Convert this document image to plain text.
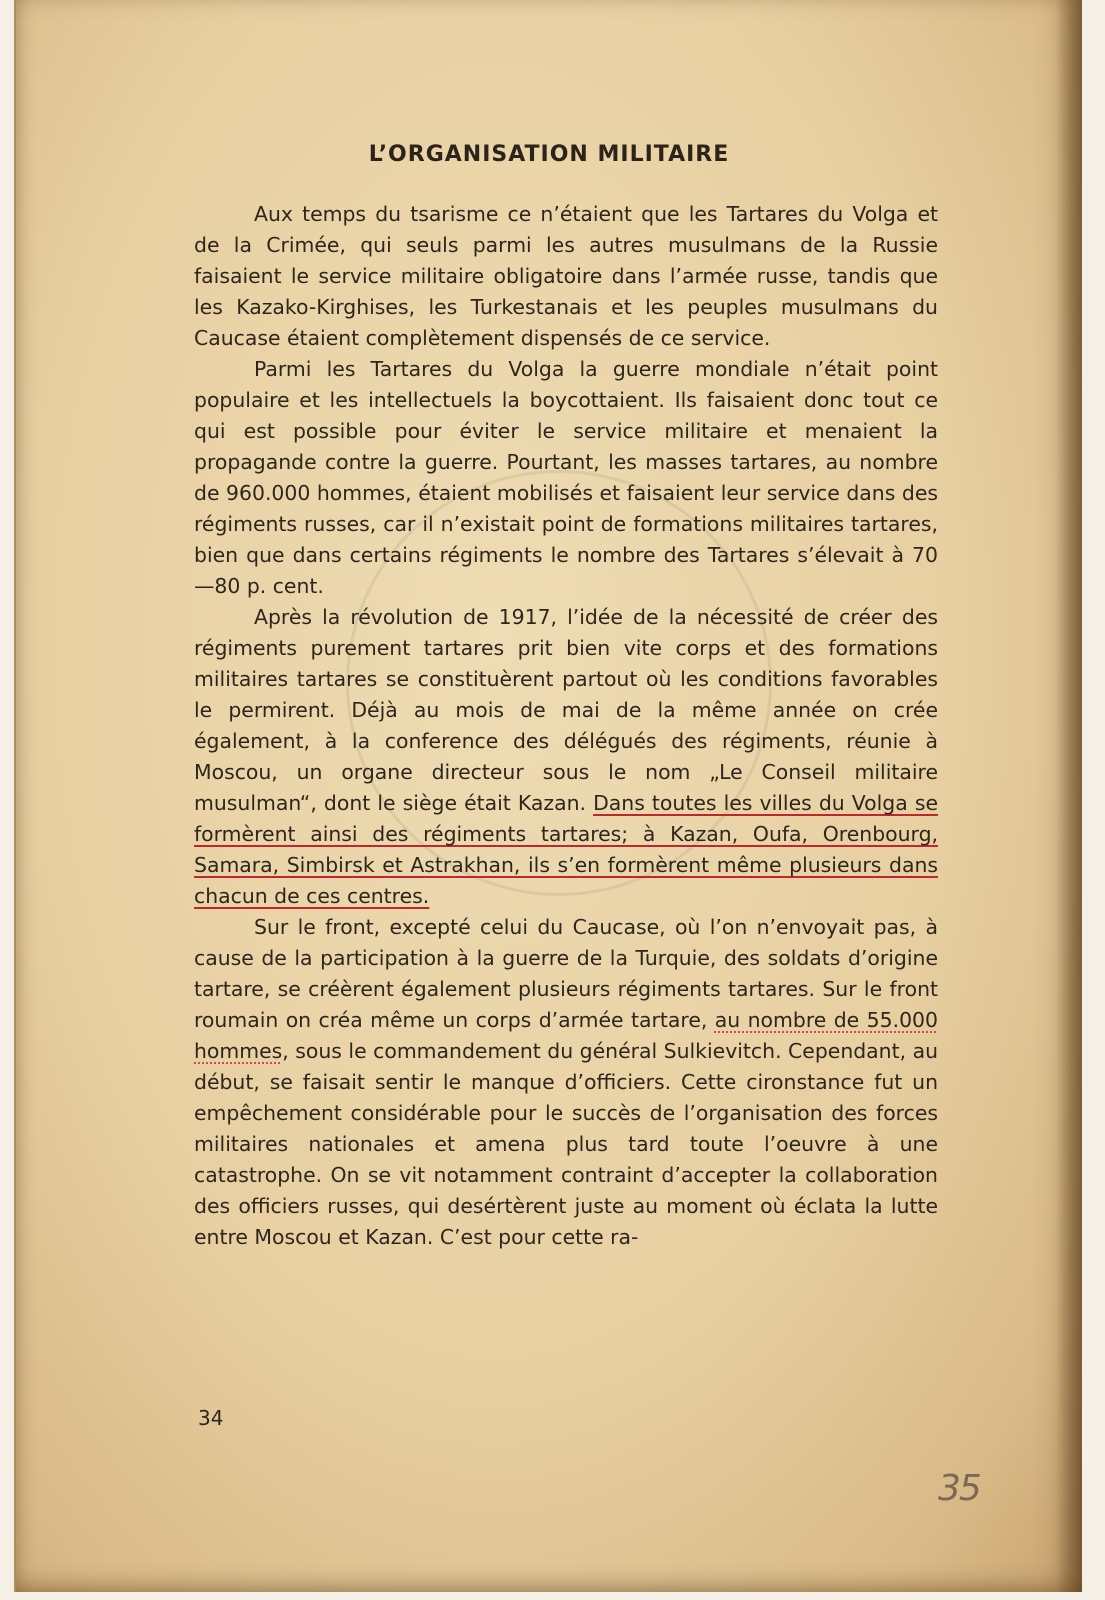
L’ORGANISATION MILITAIRE

Aux temps du tsarisme ce n’étaient que les Tartares du Volga et de la Crimée, qui seuls parmi les autres musulmans de la Russie faisaient le service militaire obligatoire dans l’armée russe, tandis que les Kazako-Kirghises, les Turkestanais et les peuples musulmans du Caucase étaient complètement dispensés de ce service.

Parmi les Tartares du Volga la guerre mondiale n’était point populaire et les intellectuels la boycottaient. Ils faisaient donc tout ce qui est possible pour éviter le service militaire et menaient la propagande contre la guerre. Pourtant, les masses tartares, au nombre de 960.000 hommes, étaient mobilisés et faisaient leur service dans des régiments russes, car il n’existait point de formations militaires tartares, bien que dans certains régiments le nombre des Tartares s’élevait à 70—80 p. cent.

Après la révolution de 1917, l’idée de la nécessité de créer des régiments purement tartares prit bien vite corps et des formations militaires tartares se constituèrent partout où les conditions favorables le permirent. Déjà au mois de mai de la même année on crée également, à la conference des délégués des régiments, réunie à Moscou, un organe directeur sous le nom „Le Conseil militaire musulman“, dont le siège était Kazan. Dans toutes les villes du Volga se formèrent ainsi des régiments tartares; à Kazan, Oufa, Orenbourg, Samara, Simbirsk et Astrakhan, ils s’en formèrent même plusieurs dans chacun de ces centres.

Sur le front, excepté celui du Caucase, où l’on n’envoyait pas, à cause de la participation à la guerre de la Turquie, des soldats d’origine tartare, se créèrent également plusieurs régiments tartares. Sur le front roumain on créa même un corps d’armée tartare, au nombre de 55.000 hommes, sous le commandement du général Sulkievitch. Cependant, au début, se faisait sentir le manque d’officiers. Cette cironstance fut un empêchement considérable pour le succès de l’organisation des forces militaires nationales et amena plus tard toute l’oeuvre à une catastrophe. On se vit notamment contraint d’accepter la collaboration des officiers russes, qui desértèrent juste au moment où éclata la lutte entre Moscou et Kazan. C’est pour cette ra-

34
35
